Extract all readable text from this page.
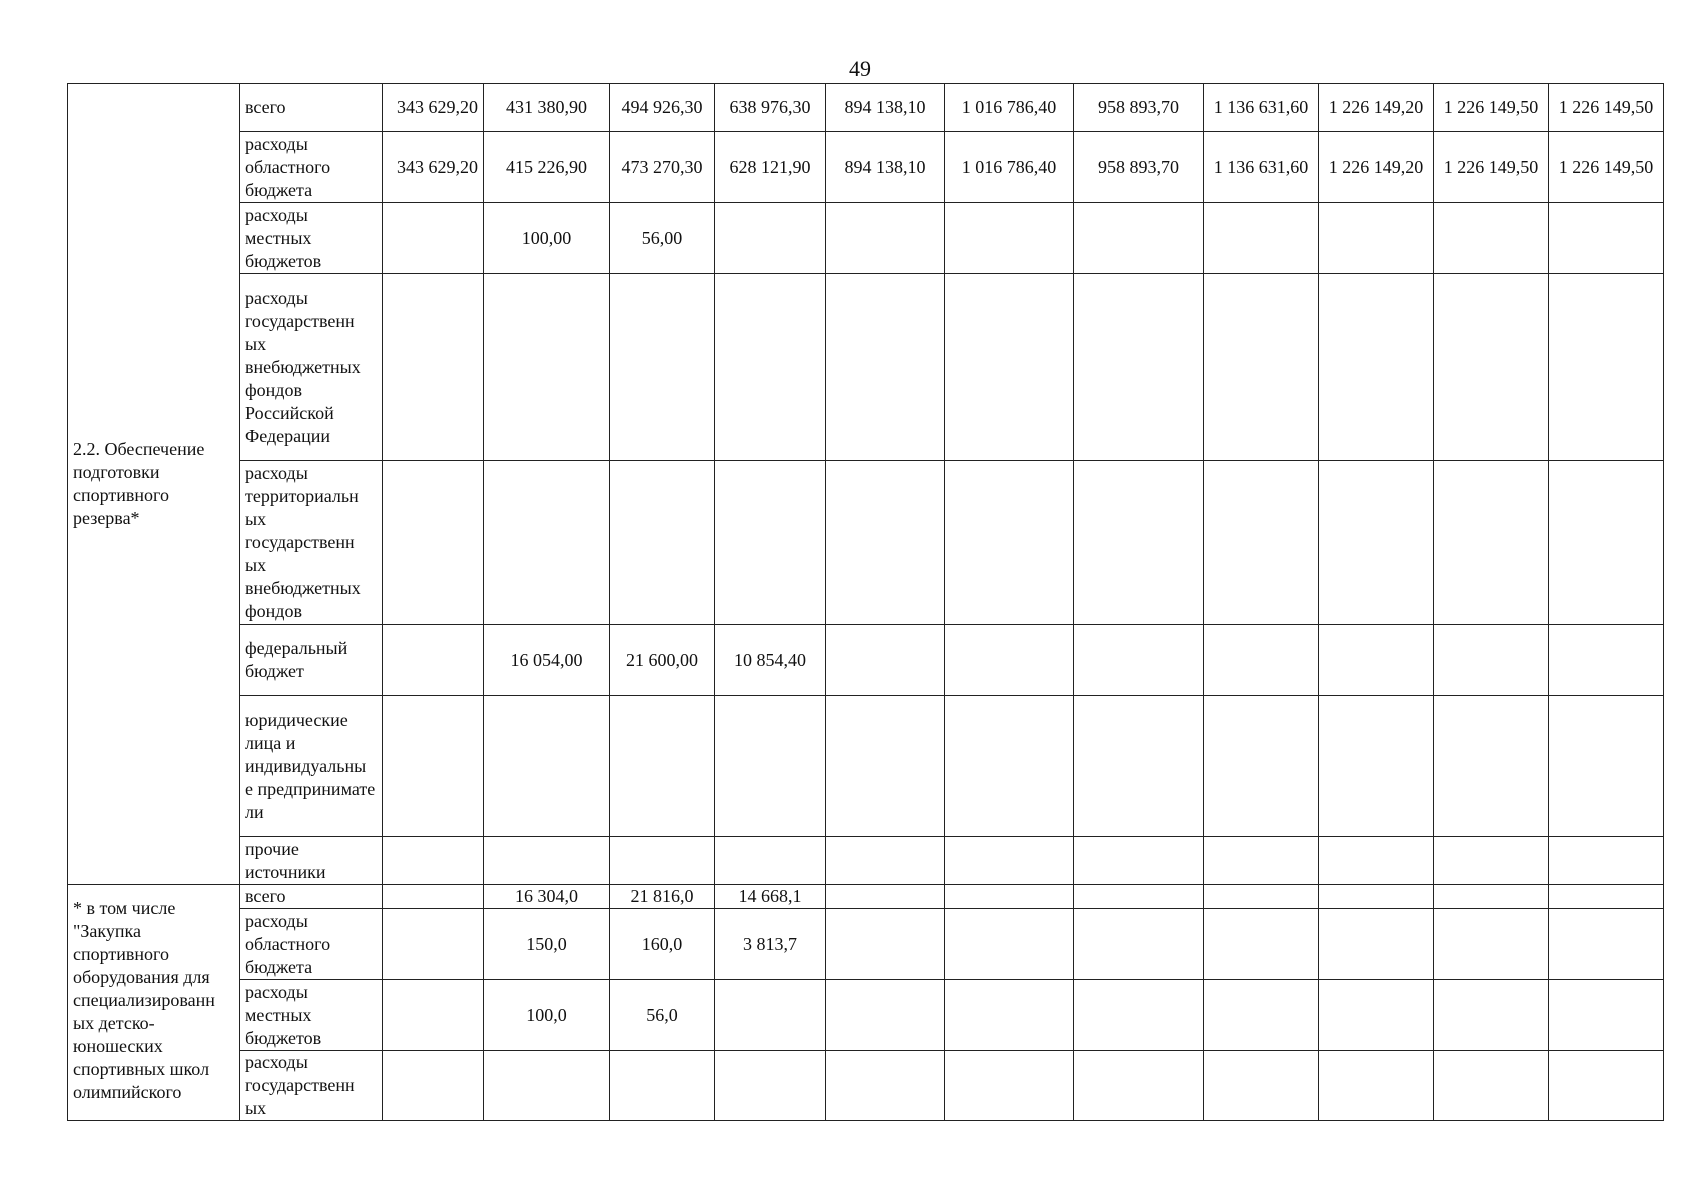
49
2.2. Обеспечение подготовки спортивного резерва*	всего	343 629,20	431 380,90	494 926,30	638 976,30	894 138,10	1 016 786,40	958 893,70	1 136 631,60	1 226 149,20	1 226 149,50	1 226 149,50
	расходы областного бюджета	343 629,20	415 226,90	473 270,30	628 121,90	894 138,10	1 016 786,40	958 893,70	1 136 631,60	1 226 149,20	1 226 149,50	1 226 149,50
	расходы местных бюджетов		100,00	56,00								
	расходы государственн ых внебюджетных фондов Российской Федерации											
	расходы территориальн ых государственн ых внебюджетных фондов											
	федеральный бюджет		16 054,00	21 600,00	10 854,40							
	юридические лица и индивидуальны е предпринимате ли											
	прочие источники											
* в том числе "Закупка спортивного оборудования для специализированн ых детско-юношеских спортивных школ олимпийского	всего		16 304,0	21 816,0	14 668,1							
	расходы областного бюджета		150,0	160,0	3 813,7							
	расходы местных бюджетов		100,0	56,0								
	расходы государственн ых											
